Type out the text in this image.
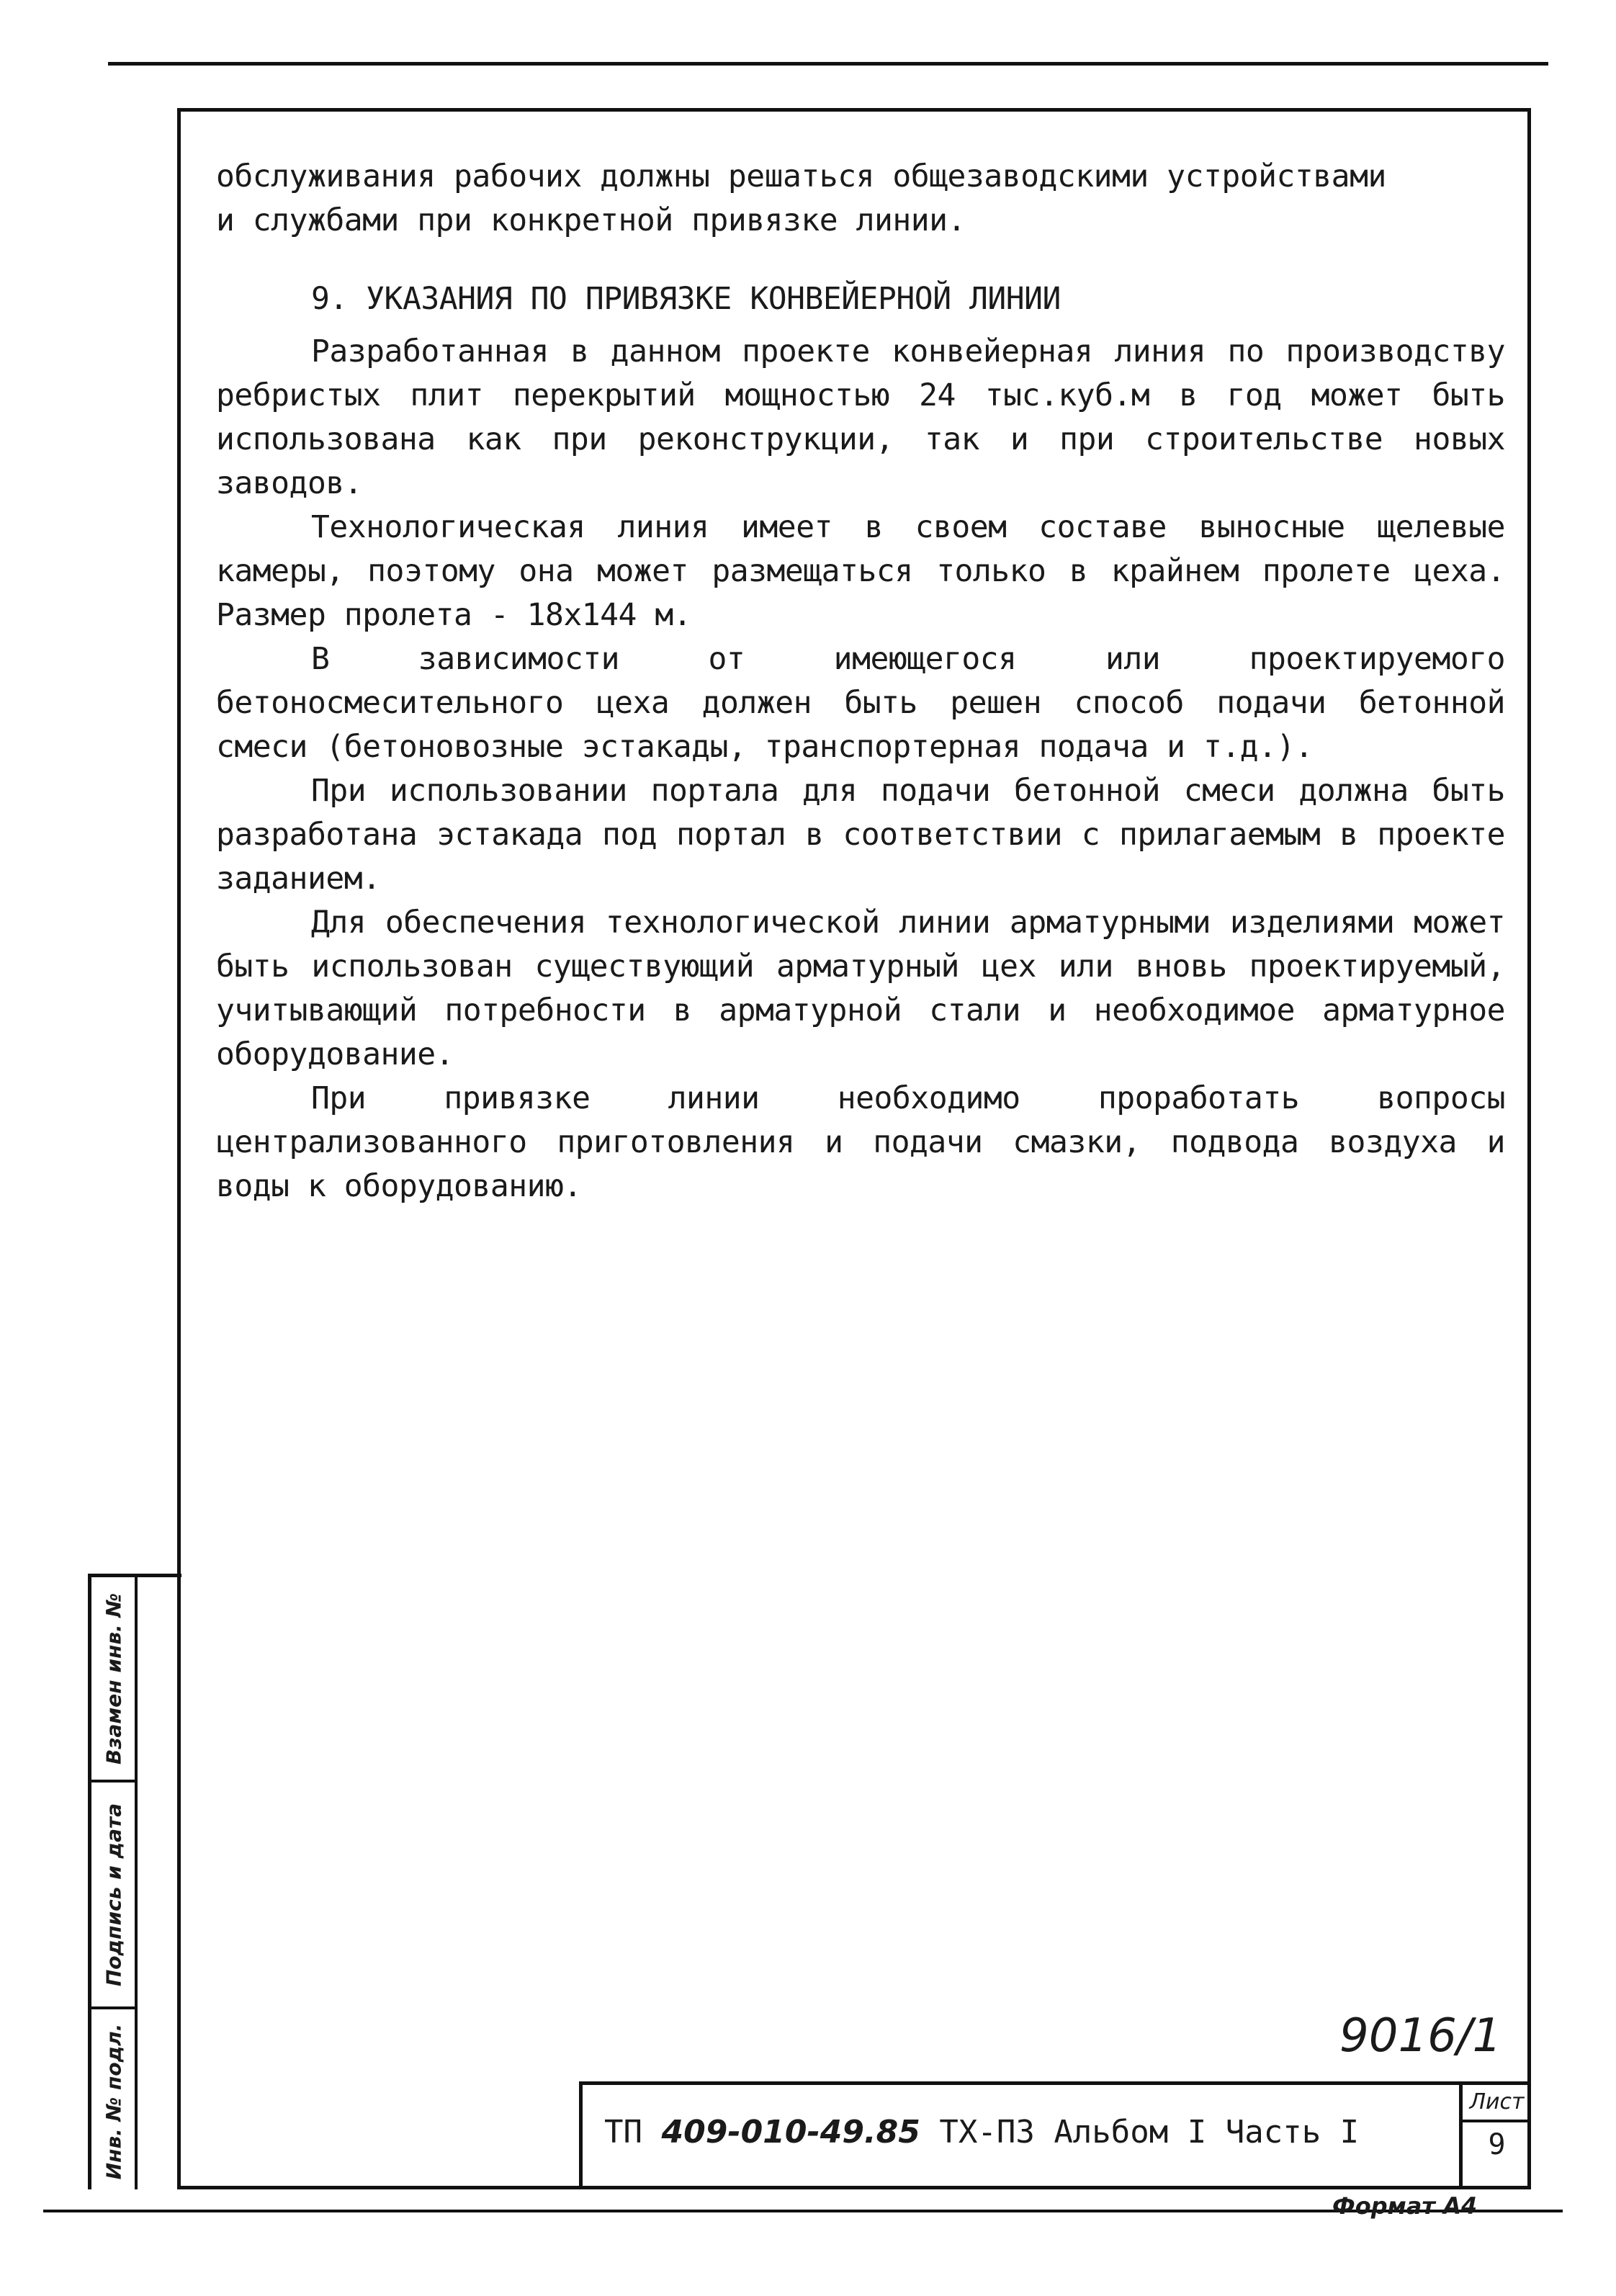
обслуживания рабочих должны решаться общезаводскими устройствами

и службами при конкретной привязке линии.

9. УКАЗАНИЯ ПО ПРИВЯЗКЕ КОНВЕЙЕРНОЙ ЛИНИИ

Разработанная в данном проекте конвейерная линия по производству ребристых плит перекрытий мощностью 24 тыс.куб.м в год может быть использована как при реконструкции, так и при строительстве новых заводов.

Технологическая линия имеет в своем составе выносные щелевые камеры, поэтому она может размещаться только в крайнем пролете цеха. Размер пролета - 18х144 м.

В зависимости от имеющегося или проектируемого бетоносмесительного цеха должен быть решен способ подачи бетонной смеси (бетоновозные эстакады, транспортерная подача и т.д.).

При использовании портала для подачи бетонной смеси должна быть разработана эстакада под портал в соответствии с прилагаемым в проекте заданием.

Для обеспечения технологической линии арматурными изделиями может быть использован существующий арматурный цех или вновь проектируемый, учитывающий потребности в арматурной стали и необходимое арматурное оборудование.

При привязке линии необходимо проработать вопросы централизованного приготовления и подачи смазки, подвода воздуха и воды к оборудованию.

Взамен инв. №
Подпись и дата
Инв. № подл.	9016/1
ТП 409-010-49.85 ТХ-ПЗ Альбом I Часть I
Лист
9
Формат А4
